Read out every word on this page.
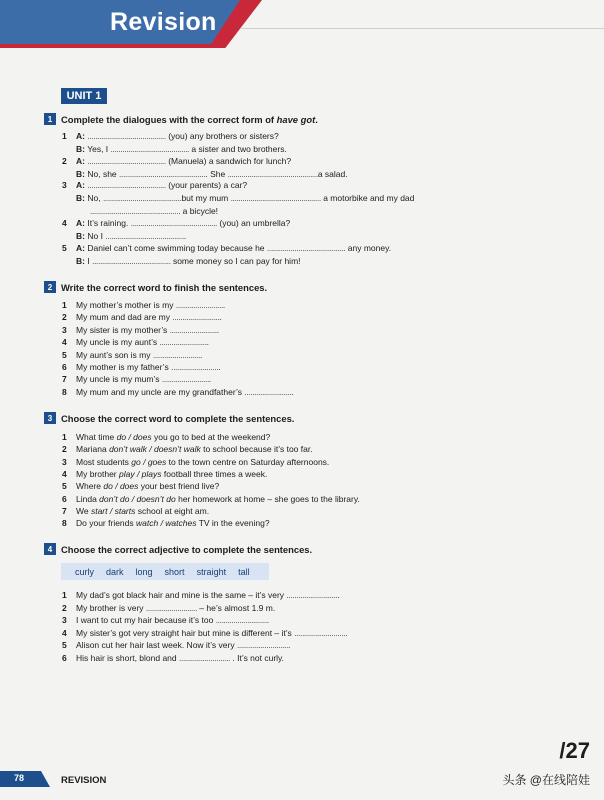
Revision
UNIT 1
1 Complete the dialogues with the correct form of have got.
1 A: ........................................ (you) any brothers or sisters?
B: Yes, I ........................................ a sister and two brothers.
2 A: ........................................ (Manuela) a sandwich for lunch?
B: No, she ............................................. She ..............................................a salad.
3 A: ........................................ (your parents) a car?
B: No, ........................................but my mum .............................................. a motorbike and my dad
.............................................. a bicycle!
4 A: It’s raining. ............................................ (you) an umbrella?
B: No I .........................................
5 A: Daniel can’t come swimming today because he ........................................ any money.
B: I ........................................ some money so I can pay for him!
2 Write the correct word to finish the sentences.
1 My mother’s mother is my .........................
2 My mum and dad are my .........................
3 My sister is my mother’s .........................
4 My uncle is my aunt’s .........................
5 My aunt’s son is my .........................
6 My mother is my father’s .........................
7 My uncle is my mum’s .........................
8 My mum and my uncle are my grandfather’s .........................
3 Choose the correct word to complete the sentences.
1 What time do / does you go to bed at the weekend?
2 Mariana don’t walk / doesn’t walk to school because it’s too far.
3 Most students go / goes to the town centre on Saturday afternoons.
4 My brother play / plays football three times a week.
5 Where do / does your best friend live?
6 Linda don’t do / doesn’t do her homework at home – she goes to the library.
7 We start / starts school at eight am.
8 Do your friends watch / watches TV in the evening?
4 Choose the correct adjective to complete the sentences.
curly dark long short straight tall
1 My dad’s got black hair and mine is the same – it’s very ...........................
2 My brother is very .......................... – he’s almost 1.9 m.
3 I want to cut my hair because it’s too ...........................
4 My sister’s got very straight hair but mine is different – it’s ...........................
5 Alison cut her hair last week. Now it’s very ...........................
6 His hair is short, blond and .......................... . It’s not curly.
/27
78	REVISION	头条 @在线陪娃
